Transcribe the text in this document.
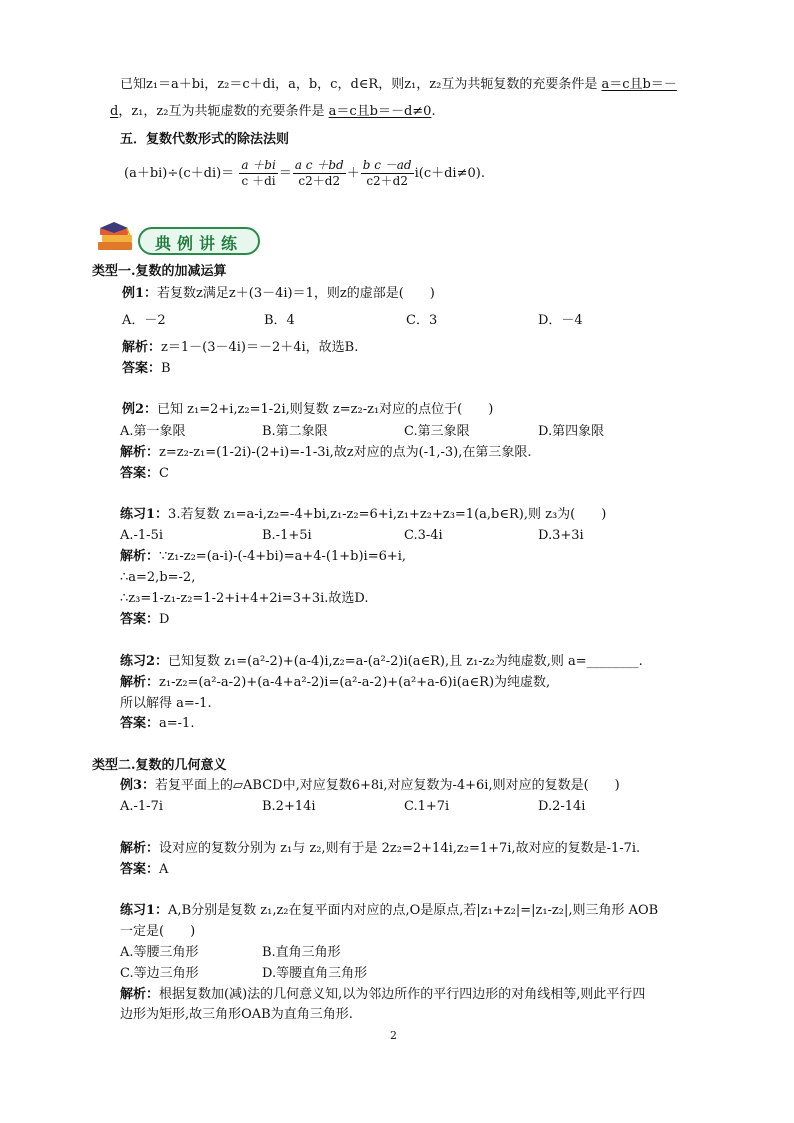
已知z₁＝a＋bi，z₂＝c＋di，a，b，c，d∈R，则z₁，z₂互为共轭复数的充要条件是 a＝c且b＝－
d，z₁，z₂互为共轭虚数的充要条件是 a＝c且b＝－d≠0.
五．复数代数形式的除法法则
$(a+bi)\div(c+di)= \frac{a +bi}{c +di} = \frac{\text{a c ＋bd}}{c2+d2} + \frac{\text{b c －ad}}{c2+d2} i(c+di\ne 0)$.
典例讲练
类型一.复数的加减运算
例1：若复数z满足z＋(3－4i)＝1，则z的虚部是(　　)
A．－2	B．4	C．3	D．－4
解析：z＝1－(3－4i)＝－2＋4i，故选B.
答案：B
例2：已知 z₁=2+i,z₂=1-2i,则复数 z=z₂-z₁对应的点位于(　　)
A.第一象限	B.第二象限	C.第三象限	D.第四象限
解析：z=z₂-z₁=(1-2i)-(2+i)=-1-3i,故z对应的点为(-1,-3),在第三象限.
答案：C
练习1：3.若复数 z₁=a-i,z₂=-4+bi,z₁-z₂=6+i,z₁+z₂+z₃=1(a,b∈R),则 z₃为(　　)
A.-1-5i	B.-1+5i	C.3-4i	D.3+3i
解析：∵z₁-z₂=(a-i)-(-4+bi)=a+4-(1+b)i=6+i,
∴a=2,b=-2,
∴z₃=1-z₁-z₂=1-2+i+4+2i=3+3i.故选D.
答案：D
练习2：已知复数 z₁=(a²-2)+(a-4)i,z₂=a-(a²-2)i(a∈R),且 z₁-z₂为纯虚数,则 a=________.
解析：z₁-z₂=(a²-a-2)+(a-4+a²-2)i=(a²-a-2)+(a²+a-6)i(a∈R)为纯虚数,
所以解得 a=-1.
答案：a=-1.
类型二.复数的几何意义
例3：若复平面上的▱ABCD中,对应复数6+8i,对应复数为-4+6i,则对应的复数是(　　)
A.-1-7i	B.2+14i	C.1+7i	D.2-14i
解析：设对应的复数分别为 z₁与 z₂,则有于是 2z₂=2+14i,z₂=1+7i,故对应的复数是-1-7i.
答案：A
练习1：A,B分别是复数 z₁,z₂在复平面内对应的点,O是原点,若|z₁+z₂|=|z₁-z₂|,则三角形 AOB
一定是(　　)
A.等腰三角形	B.直角三角形
C.等边三角形	D.等腰直角三角形
解析：根据复数加(减)法的几何意义知,以为邻边所作的平行四边形的对角线相等,则此平行四
边形为矩形,故三角形OAB为直角三角形.
2
